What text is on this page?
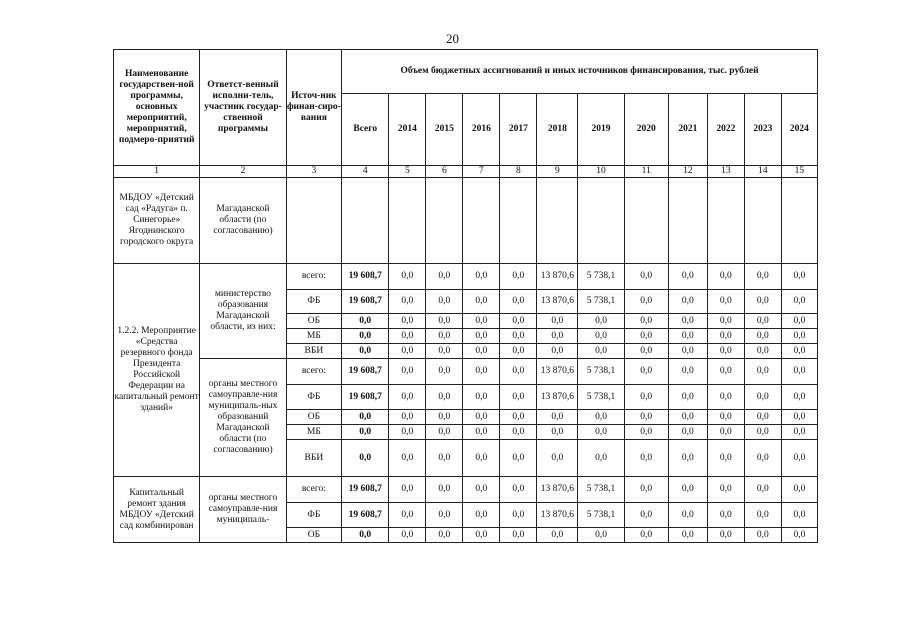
20
Наименование государствен-ной программы, основных мероприятий, мероприятий, подмеро-приятий	Ответст-венный исполни-тель, участник государ-ственной программы	Источ-ник финан-сиро-вания	Объем бюджетных ассигнований и иных источников финансирования, тыс. рублей											
			Всего	2014	2015	2016	2017	2018	2019	2020	2021	2022	2023	2024
1	2	3	4	5	6	7	8	9	10	11	12	13	14	15
МБДОУ «Детский сад «Радуга» п. Синегорье» Ягоднинского городского округа	Магаданской области (по согласованию)													
1.2.2. Мероприятие «Средства резервного фонда Президента Российской Федерации на капитальный ремонт зданий»	министерство образования Магаданской области, из них:	всего:	19 608,7	0,0	0,0	0,0	0,0	13 870,6	5 738,1	0,0	0,0	0,0	0,0	0,0
		ФБ	19 608,7	0,0	0,0	0,0	0,0	13 870,6	5 738,1	0,0	0,0	0,0	0,0	0,0
		ОБ	0,0	0,0	0,0	0,0	0,0	0,0	0,0	0,0	0,0	0,0	0,0	0,0
		МБ	0,0	0,0	0,0	0,0	0,0	0,0	0,0	0,0	0,0	0,0	0,0	0,0
		ВБИ	0,0	0,0	0,0	0,0	0,0	0,0	0,0	0,0	0,0	0,0	0,0	0,0
	органы местного самоуправле-ния муниципаль-ных образований Магаданской области (по согласованию)	всего:	19 608,7	0,0	0,0	0,0	0,0	13 870,6	5 738,1	0,0	0,0	0,0	0,0	0,0
		ФБ	19 608,7	0,0	0,0	0,0	0,0	13 870,6	5 738,1	0,0	0,0	0,0	0,0	0,0
		ОБ	0,0	0,0	0,0	0,0	0,0	0,0	0,0	0,0	0,0	0,0	0,0	0,0
		МБ	0,0	0,0	0,0	0,0	0,0	0,0	0,0	0,0	0,0	0,0	0,0	0,0
		ВБИ	0,0	0,0	0,0	0,0	0,0	0,0	0,0	0,0	0,0	0,0	0,0	0,0
Капитальный ремонт здания МБДОУ «Детский сад комбинирован	органы местного самоуправле-ния муниципаль-	всего:	19 608,7	0,0	0,0	0,0	0,0	13 870,6	5 738,1	0,0	0,0	0,0	0,0	0,0
		ФБ	19 608,7	0,0	0,0	0,0	0,0	13 870,6	5 738,1	0,0	0,0	0,0	0,0	0,0
		ОБ	0,0	0,0	0,0	0,0	0,0	0,0	0,0	0,0	0,0	0,0	0,0	0,0
